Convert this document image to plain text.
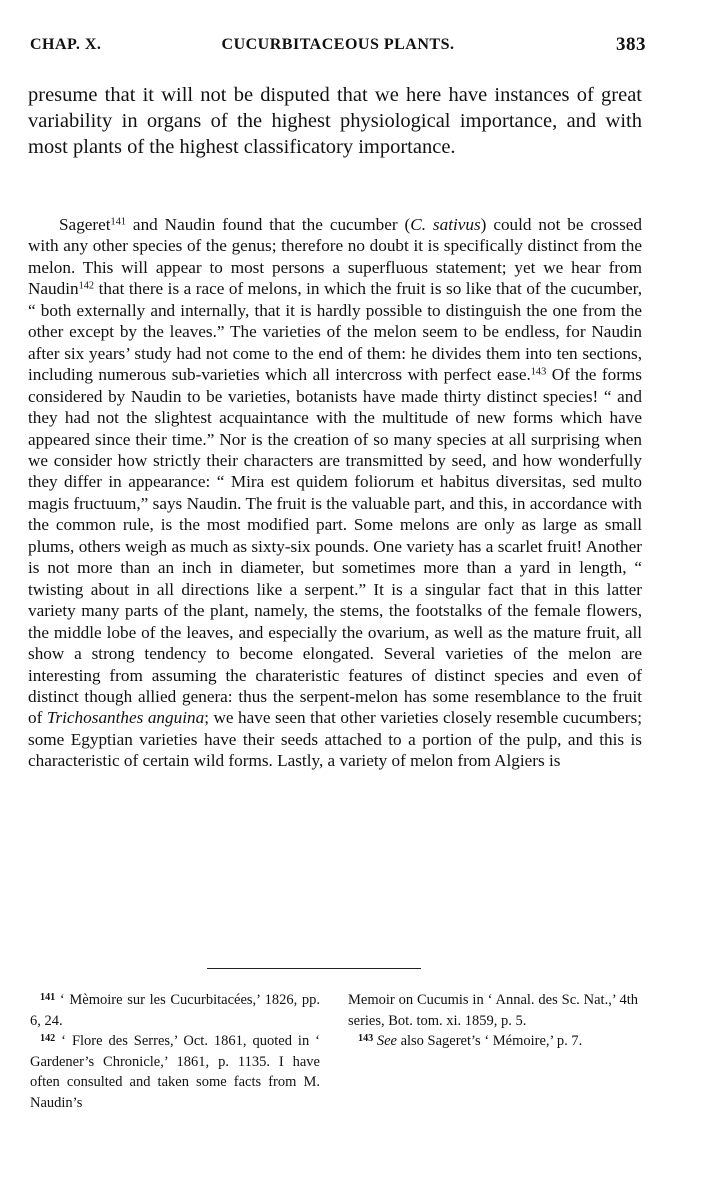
CHAP. X.	CUCURBITACEOUS PLANTS.	383

presume that it will not be disputed that we here have instances of great variability in organs of the highest physiological importance, and with most plants of the highest classificatory importance.

Sageret$^{141}$ and Naudin found that the cucumber (C. sativus) could not be crossed with any other species of the genus; therefore no doubt it is specifically distinct from the melon. This will appear to most persons a superfluous statement; yet we hear from Naudin$^{142}$ that there is a race of melons, in which the fruit is so like that of the cucumber, “ both externally and internally, that it is hardly possible to distinguish the one from the other except by the leaves.” The varieties of the melon seem to be endless, for Naudin after six years’ study had not come to the end of them: he divides them into ten sections, including numerous sub-varieties which all intercross with perfect ease.$^{143}$ Of the forms considered by Naudin to be varieties, botanists have made thirty distinct species! “ and they had not the slightest acquaintance with the multitude of new forms which have appeared since their time.” Nor is the creation of so many species at all surprising when we consider how strictly their characters are transmitted by seed, and how wonderfully they differ in appearance: “ Mira est quidem foliorum et habitus diversitas, sed multo magis fructuum,” says Naudin. The fruit is the valuable part, and this, in accordance with the common rule, is the most modified part. Some melons are only as large as small plums, others weigh as much as sixty-six pounds. One variety has a scarlet fruit! Another is not more than an inch in diameter, but sometimes more than a yard in length, “ twisting about in all directions like a serpent.” It is a singular fact that in this latter variety many parts of the plant, namely, the stems, the footstalks of the female flowers, the middle lobe of the leaves, and especially the ovarium, as well as the mature fruit, all show a strong tendency to become elongated. Several varieties of the melon are interesting from assuming the charateristic features of distinct species and even of distinct though allied genera: thus the serpent-melon has some resemblance to the fruit of Trichosanthes anguina; we have seen that other varieties closely resemble cucumbers; some Egyptian varieties have their seeds attached to a portion of the pulp, and this is characteristic of certain wild forms. Lastly, a variety of melon from Algiers is

$^{141}$ ‘ Mèmoire sur les Cucurbitacées,’ 1826, pp. 6, 24.

$^{142}$ ‘ Flore des Serres,’ Oct. 1861, quoted in ‘ Gardener’s Chronicle,’ 1861, p. 1135. I have often consulted and taken some facts from M. Naudin’s

Memoir on Cucumis in ‘ Annal. des Sc. Nat.,’ 4th series, Bot. tom. xi. 1859, p. 5.

$^{143}$ See also Sageret’s ‘ Mémoire,’ p. 7.
